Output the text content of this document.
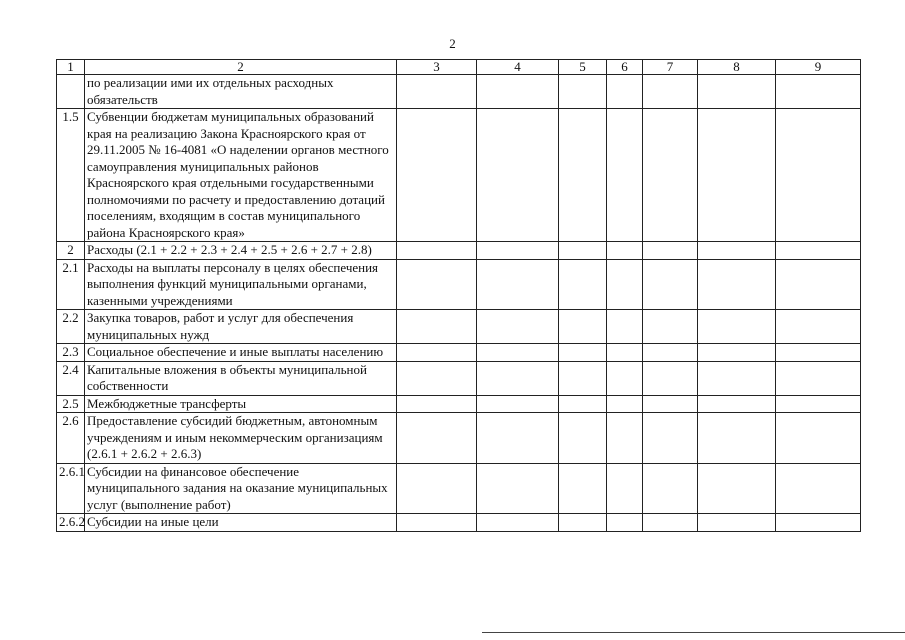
2
1	2	3	4	5	6	7	8	9
	по реализации ими их отдельных расходных обязательств							
1.5	Субвенции бюджетам муниципальных образований края на реализацию Закона Красноярского края от 29.11.2005 № 16-4081 «О наделении органов местного самоуправления муниципальных районов Красноярского края отдельными государственными полномочиями по расчету и предоставлению дотаций поселениям, входящим в состав муниципального района Красноярского края»							
2	Расходы (2.1 + 2.2 + 2.3 + 2.4 + 2.5 + 2.6 + 2.7 + 2.8)							
2.1	Расходы на выплаты персоналу в целях обеспечения выполнения функций муниципальными органами, казенными учреждениями							
2.2	Закупка товаров, работ и услуг для обеспечения муниципальных нужд							
2.3	Социальное обеспечение и иные выплаты населению							
2.4	Капитальные вложения в объекты муниципальной собственности							
2.5	Межбюджетные трансферты							
2.6	Предоставление субсидий бюджетным, автономным учреждениям и иным некоммерческим организациям (2.6.1 + 2.6.2 + 2.6.3)							
2.6.1	Субсидии на финансовое обеспечение муниципального задания на оказание муниципальных услуг (выполнение работ)							
2.6.2	Субсидии на иные цели							
